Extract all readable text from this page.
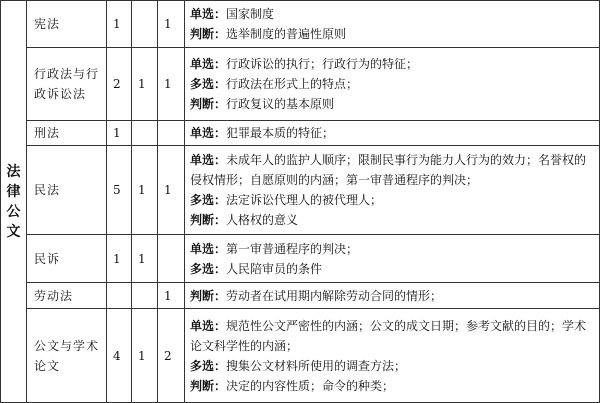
法律公文	宪法	1		1	单选：国家制度
判断：选举制度的普遍性原则

	行政法与行政诉讼法	2	1	1	单选：行政诉讼的执行；行政行为的特征；
多选：行政法在形式上的特点；
判断：行政复议的基本原则

	刑法	1			单选：犯罪最本质的特征；

	民法	5	1	1	单选：未成年人的监护人顺序；限制民事行为能力人行为的效力；名誉权的侵权情形；自愿原则的内涵；第一审普通程序的判决；
多选：法定诉讼代理人的被代理人；
判断：人格权的意义

	民诉	1	1		单选：第一审普通程序的判决；
多选：人民陪审员的条件

	劳动法			1	判断：劳动者在试用期内解除劳动合同的情形；

	公文与学术论文	4	1	2	单选：规范性公文严密性的内涵；公文的成文日期；参考文献的目的；学术论文科学性的内涵；
多选：搜集公文材料所使用的调查方法；
判断：决定的内容性质；命令的种类；
